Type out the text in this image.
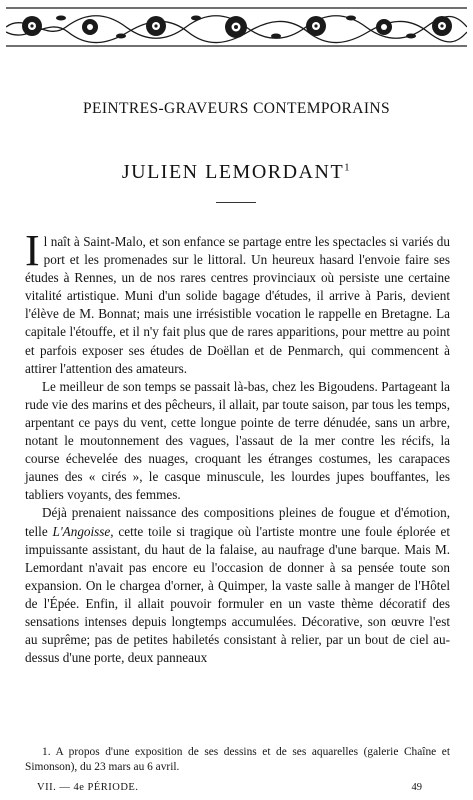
PEINTRES-GRAVEURS CONTEMPORAINS
JULIEN LEMORDANT$^1$

Il naît à Saint-Malo, et son enfance se partage entre les spectacles si variés du port et les promenades sur le littoral. Un heureux hasard l'envoie faire ses études à Rennes, un de nos rares centres provinciaux où persiste une certaine vitalité artistique. Muni d'un solide bagage d'études, il arrive à Paris, devient l'élève de M. Bonnat; mais une irrésistible vocation le rappelle en Bretagne. La capitale l'étouffe, et il n'y fait plus que de rares apparitions, pour mettre au point et parfois exposer ses études de Doëllan et de Penmarch, qui commencent à attirer l'attention des amateurs.

Le meilleur de son temps se passait là-bas, chez les Bigoudens. Partageant la rude vie des marins et des pêcheurs, il allait, par toute saison, par tous les temps, arpentant ce pays du vent, cette longue pointe de terre dénudée, sans un arbre, notant le moutonnement des vagues, l'assaut de la mer contre les récifs, la course échevelée des nuages, croquant les étranges costumes, les carapaces jaunes des « cirés », le casque minuscule, les lourdes jupes bouffantes, les tabliers voyants, des femmes.

Déjà prenaient naissance des compositions pleines de fougue et d'émotion, telle L'Angoisse, cette toile si tragique où l'artiste montre une foule éplorée et impuissante assistant, du haut de la falaise, au naufrage d'une barque. Mais M. Lemordant n'avait pas encore eu l'occasion de donner à sa pensée toute son expansion. On le chargea d'orner, à Quimper, la vaste salle à manger de l'Hôtel de l'Épée. Enfin, il allait pouvoir formuler en un vaste thème décoratif des sensations intenses depuis longtemps accumulées. Décorative, son œuvre l'est au suprême; pas de petites habiletés consistant à relier, par un bout de ciel au-dessus d'une porte, deux panneaux

1. A propos d'une exposition de ses dessins et de ses aquarelles (galerie Chaîne et Simonson), du 23 mars au 6 avril.
VII. — 4e PÉRIODE.	49
